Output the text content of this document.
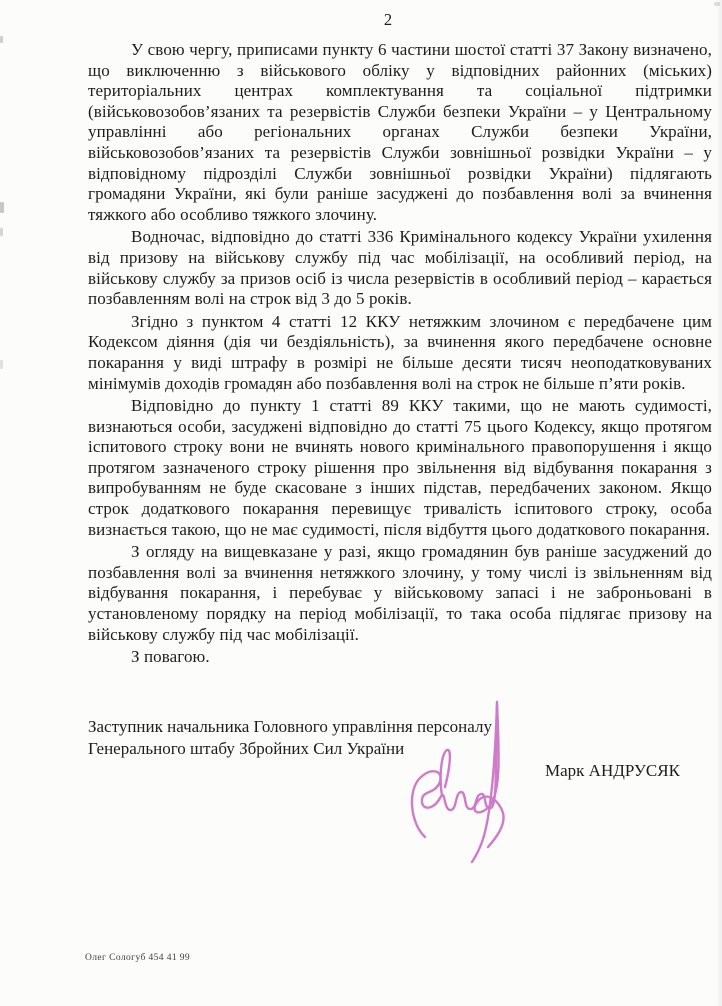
2

У свою чергу, приписами пункту 6 частини шостої статті 37 Закону визначено, що виключенню з військового обліку у відповідних районних (міських) територіальних центрах комплектування та соціальної підтримки (військовозобов’язаних та резервістів Служби безпеки України – у Центральному управлінні або регіональних органах Служби безпеки України, військовозобов’язаних та резервістів Служби зовнішньої розвідки України – у відповідному підрозділі Служби зовнішньої розвідки України) підлягають громадяни України, які були раніше засуджені до позбавлення волі за вчинення тяжкого або особливо тяжкого злочину.

Водночас, відповідно до статті 336 Кримінального кодексу України ухилення від призову на військову службу під час мобілізації, на особливий період, на військову службу за призов осіб із числа резервістів в особливий період – карається позбавленням волі на строк від 3 до 5 років.

Згідно з пунктом 4 статті 12 ККУ нетяжким злочином є передбачене цим Кодексом діяння (дія чи бездіяльність), за вчинення якого передбачене основне покарання у виді штрафу в розмірі не більше десяти тисяч неоподатковуваних мінімумів доходів громадян або позбавлення волі на строк не більше п’яти років.

Відповідно до пункту 1 статті 89 ККУ такими, що не мають судимості, визнаються особи, засуджені відповідно до статті 75 цього Кодексу, якщо протягом іспитового строку вони не вчинять нового кримінального правопорушення і якщо протягом зазначеного строку рішення про звільнення від відбування покарання з випробуванням не буде скасоване з інших підстав, передбачених законом. Якщо строк додаткового покарання перевищує тривалість іспитового строку, особа визнається такою, що не має судимості, після відбуття цього додаткового покарання.

З огляду на вищевказане у разі, якщо громадянин був раніше засуджений до позбавлення волі за вчинення нетяжкого злочину, у тому числі із звільненням від відбування покарання, і перебуває у військовому запасі і не заброньовані в установленому порядку на період мобілізації, то така особа підлягає призову на військову службу під час мобілізації.

З повагою.

Заступник начальника Головного управління персоналу
Генерального штабу Збройних Сил України
Марк АНДРУСЯК
Олег Сологуб 454 41 99
